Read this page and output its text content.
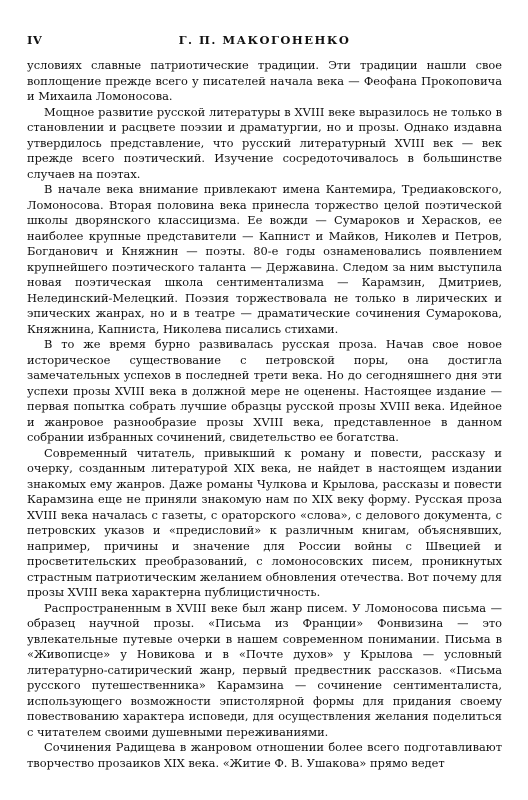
IV	Г. П. МАКОГОНЕНКО

условиях славные патриотические традиции. Эти традиции нашли свое воплощение прежде всего у писателей начала века — Феофана Прокоповича и Михаила Ломоносова.

Мощное развитие русской литературы в XVIII веке выразилось не только в становлении и расцвете поэзии и драматургии, но и прозы. Однако издавна утвердилось представление, что русский литературный XVIII век — век прежде всего поэтический. Изучение сосредоточивалось в большинстве случаев на поэтах.

В начале века внимание привлекают имена Кантемира, Тредиаковского, Ломоносова. Вторая половина века принесла торжество целой поэтической школы дворянского классицизма. Ее вожди — Сумароков и Херасков, ее наиболее крупные представители — Капнист и Майков, Николев и Петров, Богданович и Княжнин — поэты. 80-е годы ознаменовались появлением крупнейшего поэтического таланта — Державина. Следом за ним выступила новая поэтическая школа сентиментализма — Карамзин, Дмитриев, Нелединский-Мелецкий. Поэзия торжествовала не только в лирических и эпических жанрах, но и в театре — драматические сочинения Сумарокова, Княжнина, Капниста, Николева писались стихами.

В то же время бурно развивалась русская проза. Начав свое новое историческое существование с петровской поры, она достигла замечательных успехов в последней трети века. Но до сегодняшнего дня эти успехи прозы XVIII века в должной мере не оценены. Настоящее издание — первая попытка собрать лучшие образцы русской прозы XVIII века. Идейное и жанровое разнообразие прозы XVIII века, представленное в данном собрании избранных сочинений, свидетельство ее богатства.

Современный читатель, привыкший к роману и повести, рассказу и очерку, созданным литературой XIX века, не найдет в настоящем издании знакомых ему жанров. Даже романы Чулкова и Крылова, рассказы и повести Карамзина еще не приняли знакомую нам по XIX веку форму. Русская проза XVIII века началась с газеты, с ораторского «слова», с делового документа, с петровских указов и «предисловий» к различным книгам, объяснявших, например, причины и значение для России войны с Швецией и просветительских преобразований, с ломоносовских писем, проникнутых страстным патриотическим желанием обновления отечества. Вот почему для прозы XVIII века характерна публицистичность.

Распространенным в XVIII веке был жанр писем. У Ломоносова письма — образец научной прозы. «Письма из Франции» Фонвизина — это увлекательные путевые очерки в нашем современном понимании. Письма в «Живописце» у Новикова и в «Почте духов» у Крылова — условный литературно-сатирический жанр, первый предвестник рассказов. «Письма русского путешественника» Карамзина — сочинение сентименталиста, использующего возможности эпистолярной формы для придания своему повествованию характера исповеди, для осуществления желания поделиться с читателем своими душевными переживаниями.

Сочинения Радищева в жанровом отношении более всего подготавливают творчество прозаиков XIX века. «Житие Ф. В. Ушакова» прямо ведет
